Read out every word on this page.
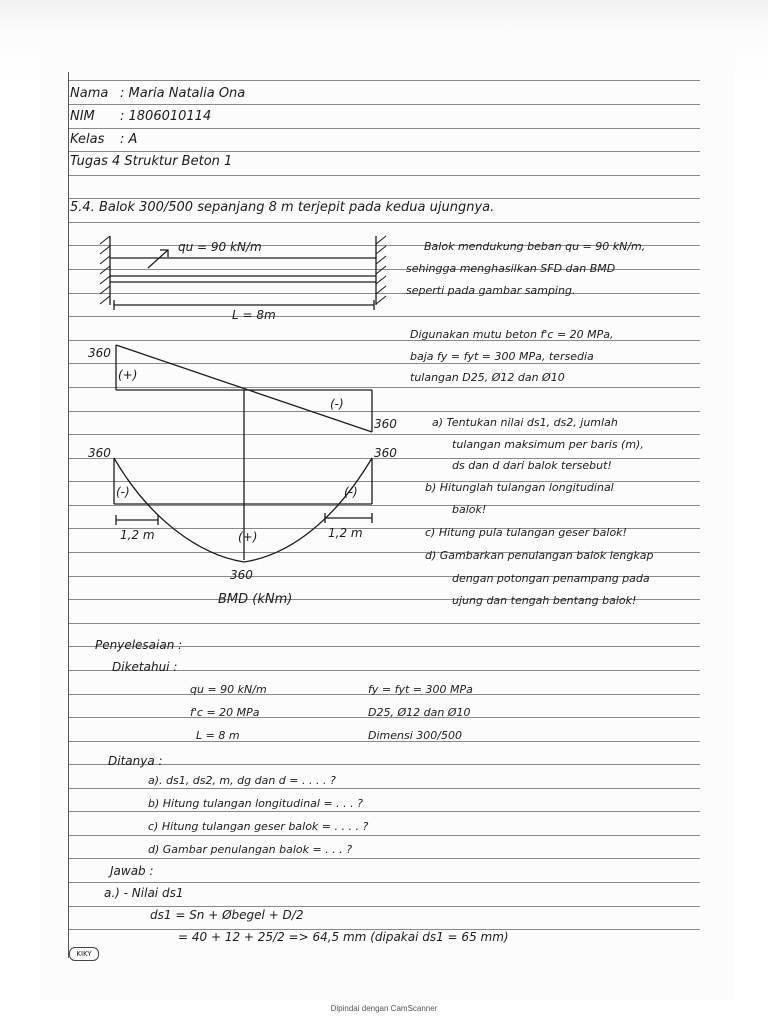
Nama : Maria Natalia Ona
NIM : 1806010114
Kelas : A
Tugas 4 Struktur Beton 1
5.4. Balok 300/500 sepanjang 8 m terjepit pada kedua ujungnya.
qu = 90 kN/m
L = 8m
Balok mendukung beban qu = 90 kN/m,
sehingga menghasilkan SFD dan BMD
seperti pada gambar samping.
Digunakan mutu beton f'c = 20 MPa,
baja fy = fyt = 300 MPa, tersedia
tulangan D25, Ø12 dan Ø10
360
(+)
(-)
360
360	360
(-)	(-)
(+)
1,2 m	1,2 m
360
BMD (kNm)
a) Tentukan nilai ds1, ds2, jumlah
tulangan maksimum per baris (m),
ds dan d dari balok tersebut!
b) Hitunglah tulangan longitudinal
balok!
c) Hitung pula tulangan geser balok!
d) Gambarkan penulangan balok lengkap
dengan potongan penampang pada
ujung dan tengah bentang balok!
Penyelesaian :
Diketahui :
qu = 90 kN/m
f'c = 20 MPa
L = 8 m
fy = fyt = 300 MPa
D25, Ø12 dan Ø10
Dimensi 300/500
Ditanya :
a). ds1, ds2, m, dg dan d = . . . . ?
b) Hitung tulangan longitudinal = . . . ?
c) Hitung tulangan geser balok = . . . . ?
d) Gambar penulangan balok = . . . ?
Jawab :
a.) - Nilai ds1
ds1 = Sn + Øbegel + D/2
= 40 + 12 + 25/2 => 64,5 mm (dipakai ds1 = 65 mm)
KIKY
Dipindai dengan CamScanner
